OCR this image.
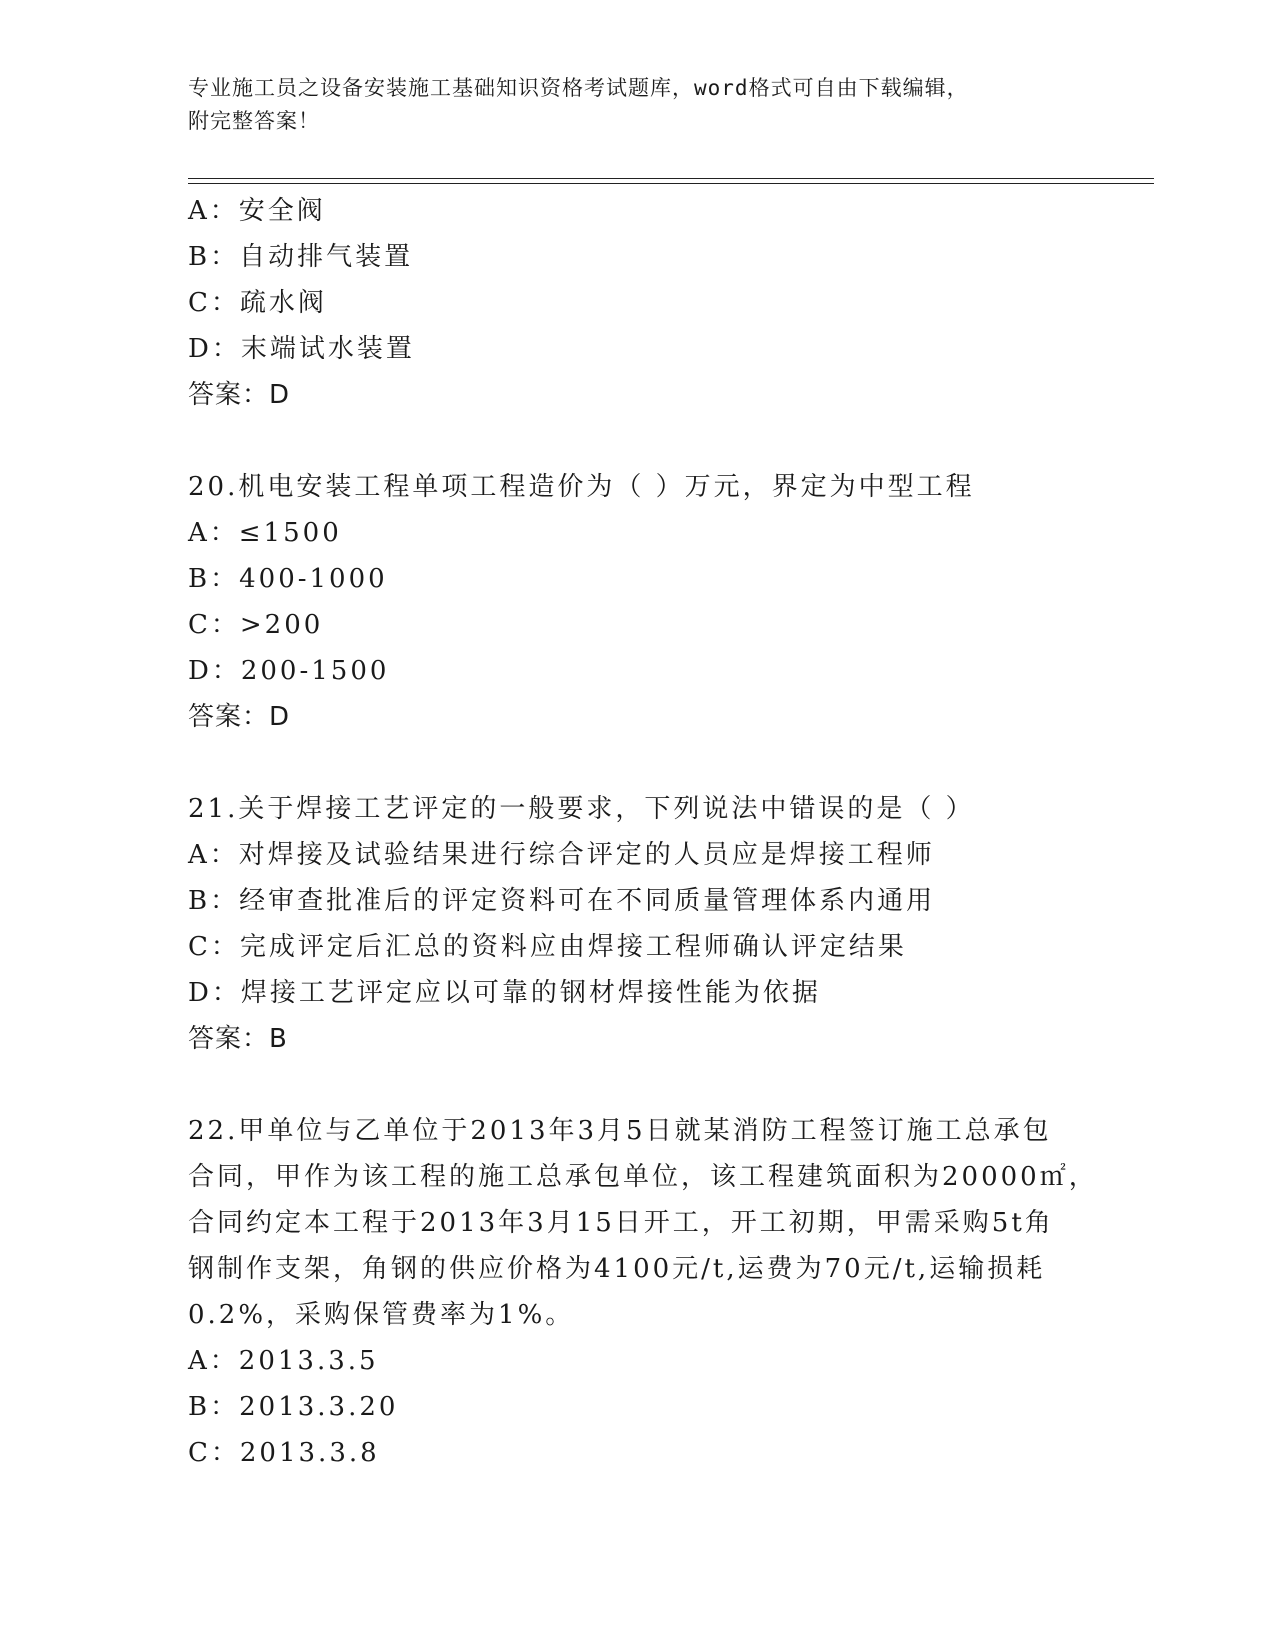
专业施工员之设备安装施工基础知识资格考试题库，word格式可自由下载编辑，
附完整答案！
A：安全阀
B：自动排气装置
C：疏水阀
D：末端试水装置
答案：D
20.机电安装工程单项工程造价为（ ）万元，界定为中型工程
A：≤1500
B：400-1000
C：>200
D：200-1500
答案：D
21.关于焊接工艺评定的一般要求，下列说法中错误的是（ ）
A：对焊接及试验结果进行综合评定的人员应是焊接工程师
B：经审查批准后的评定资料可在不同质量管理体系内通用
C：完成评定后汇总的资料应由焊接工程师确认评定结果
D：焊接工艺评定应以可靠的钢材焊接性能为依据
答案：B
22.甲单位与乙单位于2013年3月5日就某消防工程签订施工总承包
合同，甲作为该工程的施工总承包单位，该工程建筑面积为20000㎡，
合同约定本工程于2013年3月15日开工，开工初期，甲需采购5t角
钢制作支架，角钢的供应价格为4100元/t,运费为70元/t,运输损耗
0.2%，采购保管费率为1%。
A：2013.3.5
B：2013.3.20
C：2013.3.8
